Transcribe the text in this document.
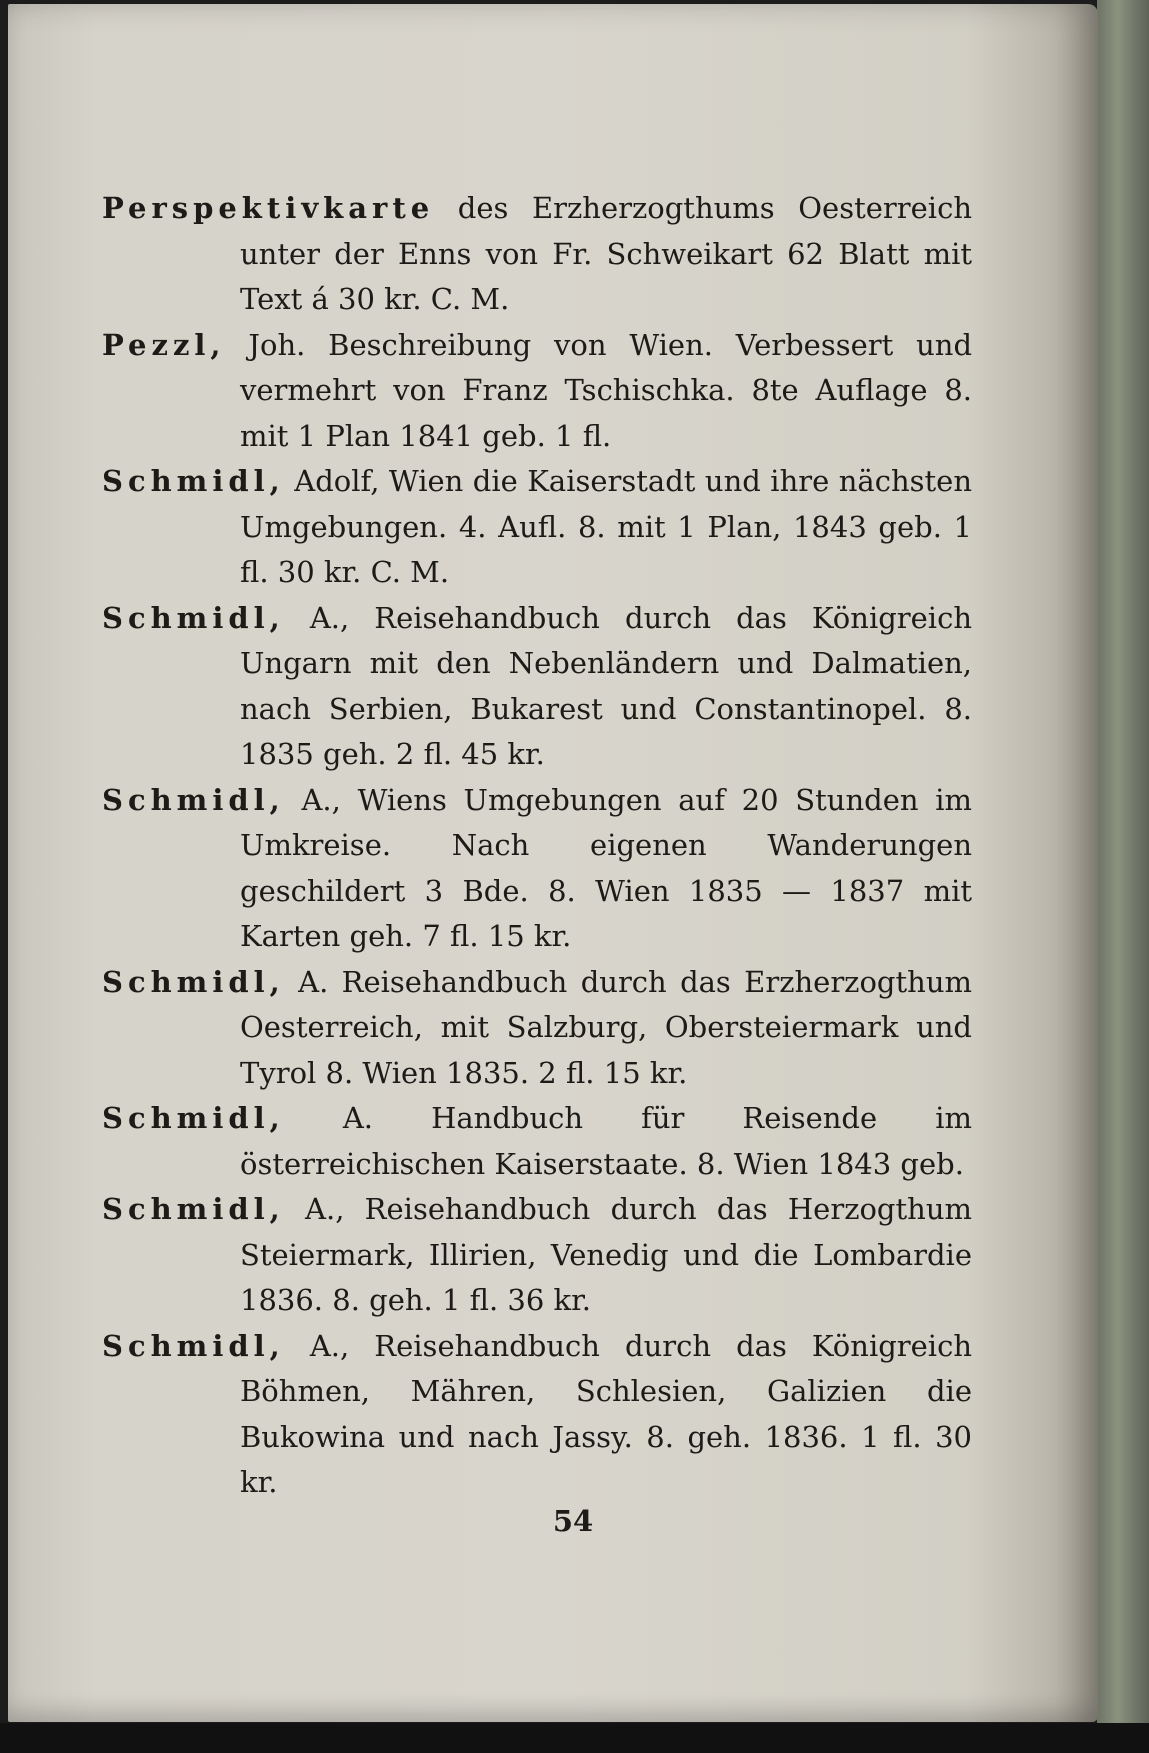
Perspektivkarte des Erzherzogthums Oesterreich unter der Enns von Fr. Schweikart 62 Blatt mit Text á 30 kr. C. M.

Pezzl, Joh. Beschreibung von Wien. Verbessert und vermehrt von Franz Tschischka. 8te Auflage 8. mit 1 Plan 1841 geb. 1 fl.

Schmidl, Adolf, Wien die Kaiserstadt und ihre nächsten Umgebungen. 4. Aufl. 8. mit 1 Plan, 1843 geb. 1 fl. 30 kr. C. M.

Schmidl, A., Reisehandbuch durch das Königreich Ungarn mit den Nebenländern und Dalmatien, nach Serbien, Bukarest und Constantinopel. 8. 1835 geh. 2 fl. 45 kr.

Schmidl, A., Wiens Umgebungen auf 20 Stunden im Umkreise. Nach eigenen Wanderungen geschildert 3 Bde. 8. Wien 1835 — 1837 mit Karten geh. 7 fl. 15 kr.

Schmidl, A. Reisehandbuch durch das Erzherzogthum Oesterreich, mit Salzburg, Obersteiermark und Tyrol 8. Wien 1835. 2 fl. 15 kr.

Schmidl, A. Handbuch für Reisende im österreichischen Kaiserstaate. 8. Wien 1843 geb.

Schmidl, A., Reisehandbuch durch das Herzogthum Steiermark, Illirien, Venedig und die Lombardie 1836. 8. geh. 1 fl. 36 kr.

Schmidl, A., Reisehandbuch durch das Königreich Böhmen, Mähren, Schlesien, Galizien die Bukowina und nach Jassy. 8. geh. 1836. 1 fl. 30 kr.

54
